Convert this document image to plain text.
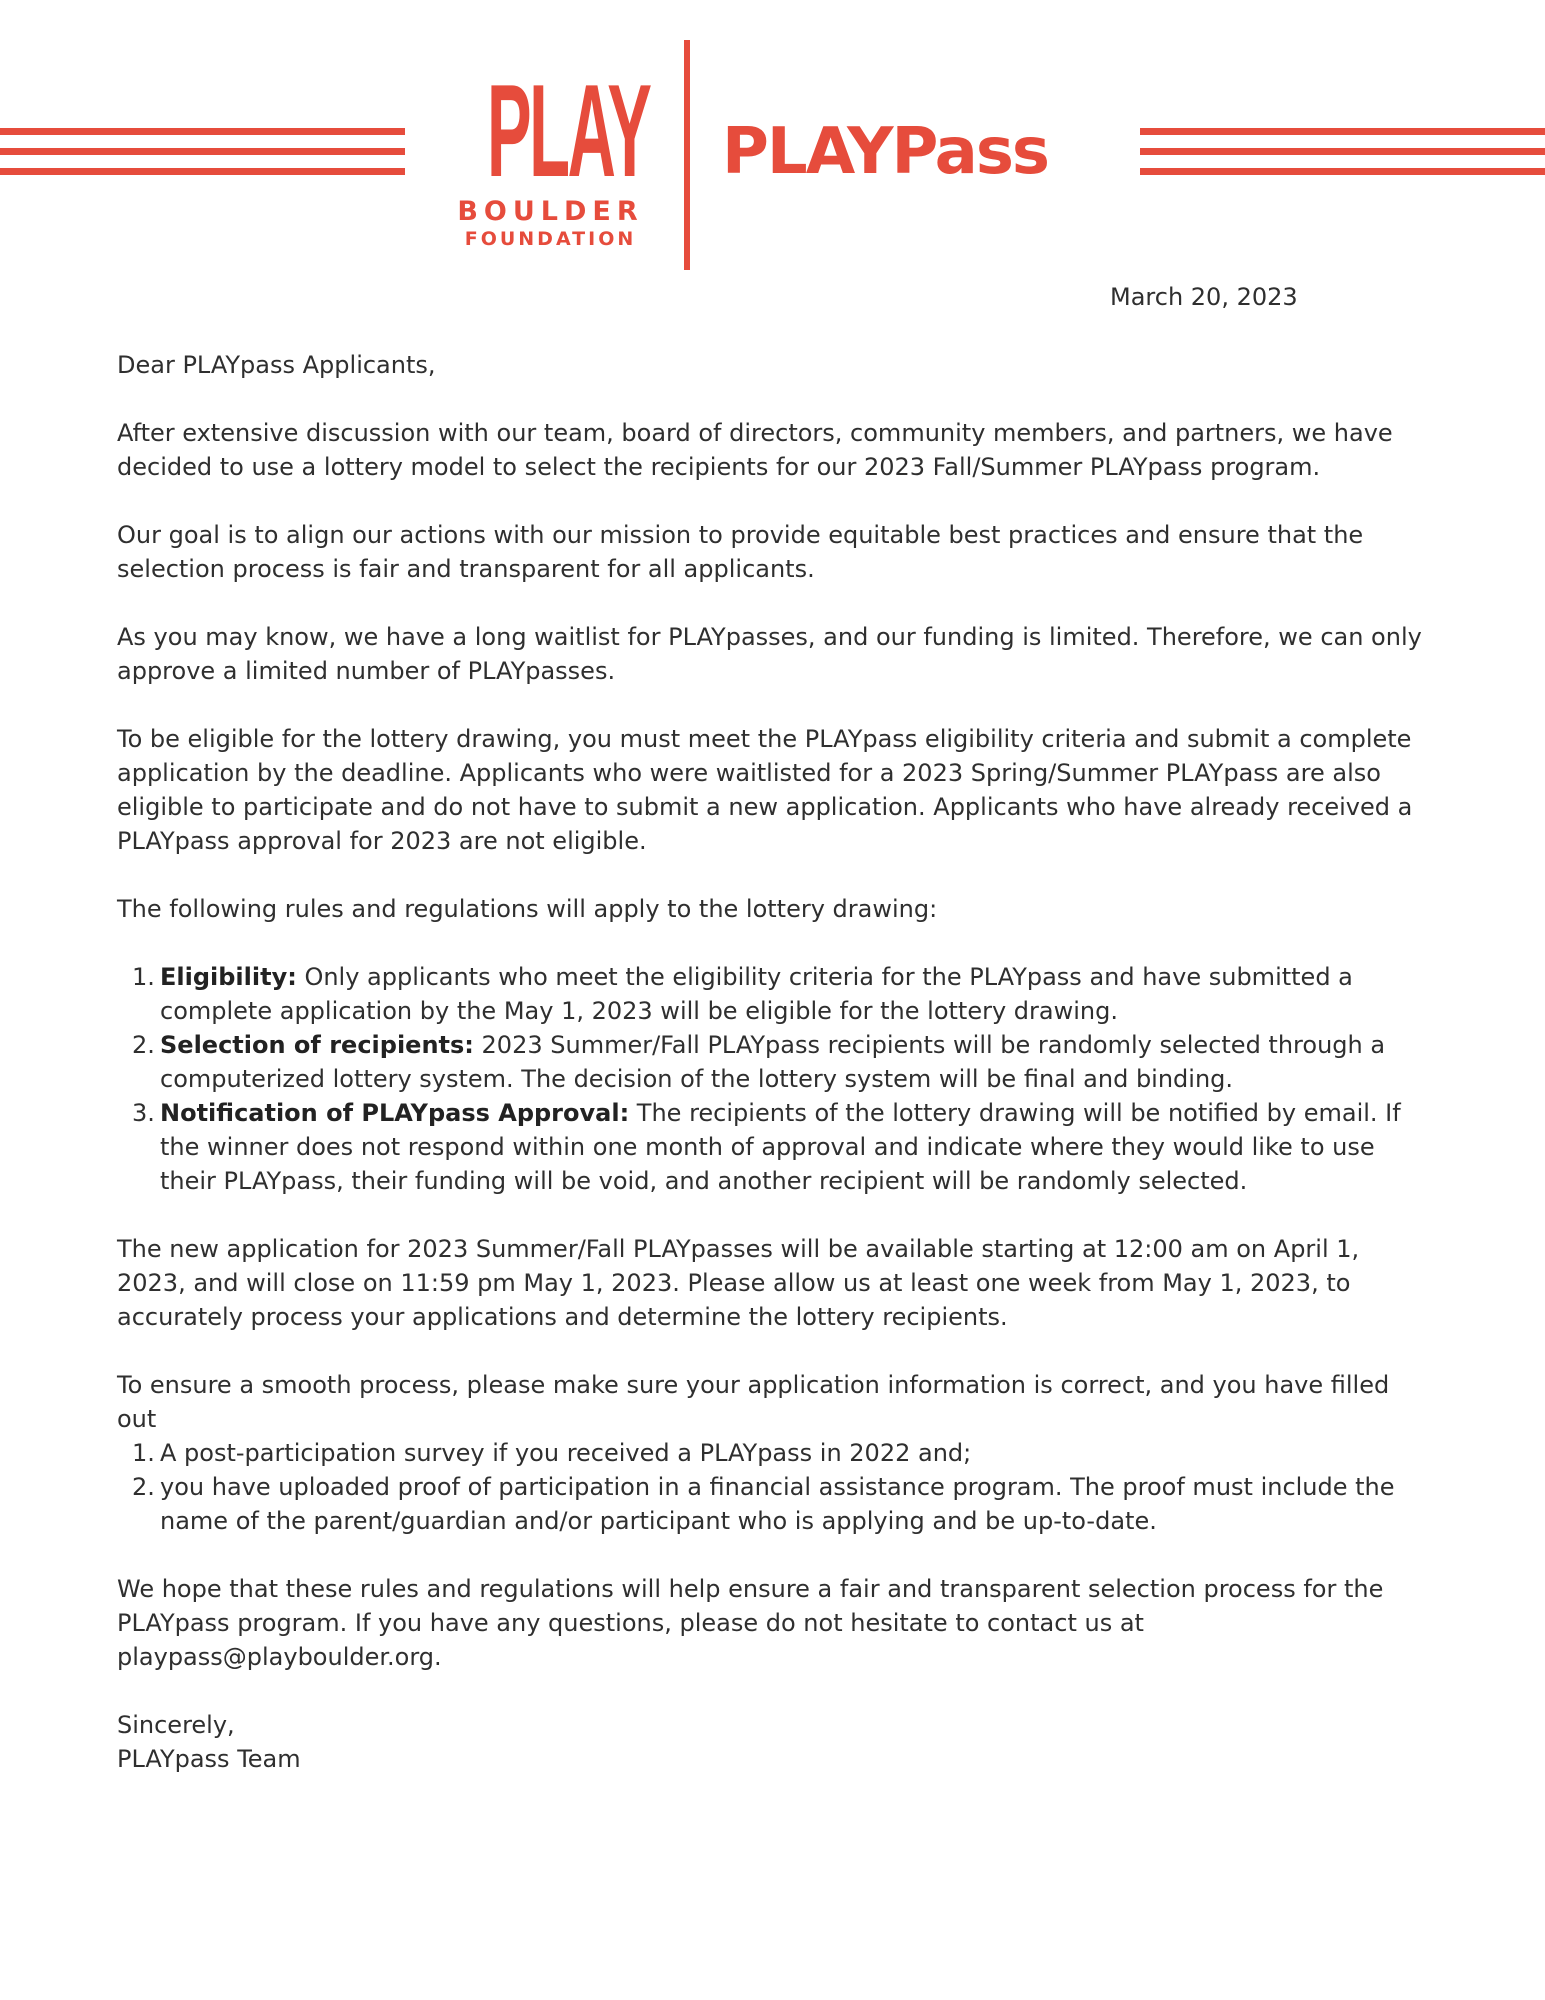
PLAY
BOULDER
FOUNDATION
PLAYPass
March 20, 2023

Dear PLAYpass Applicants,

After extensive discussion with our team, board of directors, community members, and partners, we have decided to use a lottery model to select the recipients for our 2023 Fall/Summer PLAYpass program.

Our goal is to align our actions with our mission to provide equitable best practices and ensure that the selection process is fair and transparent for all applicants.

As you may know, we have a long waitlist for PLAYpasses, and our funding is limited. Therefore, we can only approve a limited number of PLAYpasses.

To be eligible for the lottery drawing, you must meet the PLAYpass eligibility criteria and submit a complete application by the deadline. Applicants who were waitlisted for a 2023 Spring/Summer PLAYpass are also eligible to participate and do not have to submit a new application. Applicants who have already received a PLAYpass approval for 2023 are not eligible.

The following rules and regulations will apply to the lottery drawing:

1. Eligibility: Only applicants who meet the eligibility criteria for the PLAYpass and have submitted a complete application by the May 1, 2023 will be eligible for the lottery drawing.
2. Selection of recipients: 2023 Summer/Fall PLAYpass recipients will be randomly selected through a computerized lottery system. The decision of the lottery system will be final and binding.
3. Notification of PLAYpass Approval: The recipients of the lottery drawing will be notified by email. If the winner does not respond within one month of approval and indicate where they would like to use their PLAYpass, their funding will be void, and another recipient will be randomly selected.

The new application for 2023 Summer/Fall PLAYpasses will be available starting at 12:00 am on April 1, 2023, and will close on 11:59 pm May 1, 2023. Please allow us at least one week from May 1, 2023, to accurately process your applications and determine the lottery recipients.

To ensure a smooth process, please make sure your application information is correct, and you have filled out

1. A post-participation survey if you received a PLAYpass in 2022 and;
2. you have uploaded proof of participation in a financial assistance program. The proof must include the name of the parent/guardian and/or participant who is applying and be up-to-date.

We hope that these rules and regulations will help ensure a fair and transparent selection process for the PLAYpass program. If you have any questions, please do not hesitate to contact us at playpass@playboulder.org.

Sincerely,
PLAYpass Team
